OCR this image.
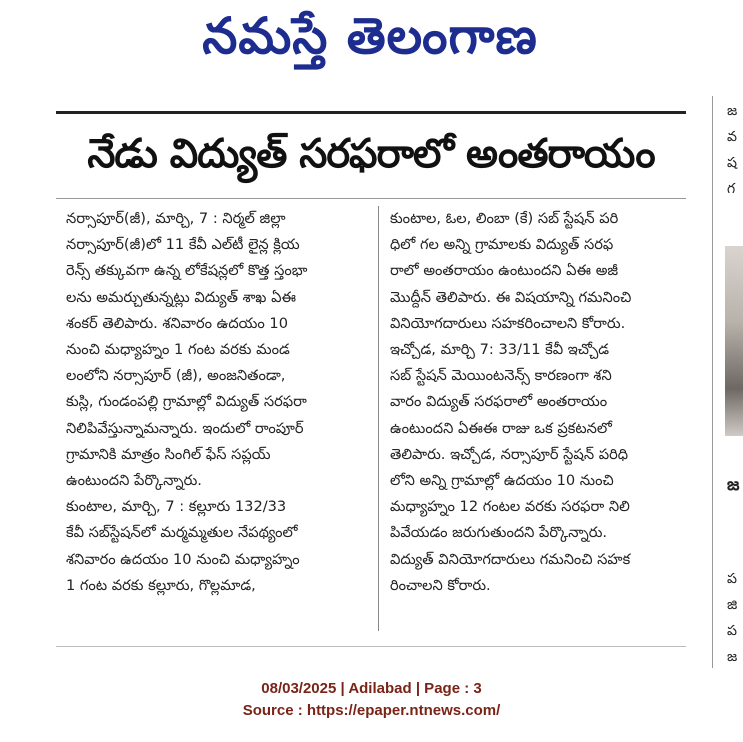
నమస్తే తెలంగాణ
నేడు విద్యుత్ సరఫరాలో అంతరాయం

నర్సాపూర్(జీ), మార్చి, 7 : నిర్మల్ జిల్లా
నర్సాపూర్(జీ)లో 11 కేవీ ఎల్‌టీ లైన్ల క్లియ
రెన్స్ తక్కువగా ఉన్న లోకేషన్లలో కొత్త స్తంభా
లను అమర్చుతున్నట్లు విద్యుత్ శాఖ ఏఈ
శంకర్ తెలిపారు. శనివారం ఉదయం 10
నుంచి మధ్యాహ్నం 1 గంట వరకు మండ
లంలోని నర్సాపూర్ (జీ), అంజనితండా,
కుస్లి, గుండంపల్లి గ్రామాల్లో విద్యుత్ సరఫరా
నిలిపివేస్తున్నామన్నారు. ఇందులో రాంపూర్
గ్రామానికి మాత్రం సింగిల్ ఫేస్ సప్లయ్
ఉంటుందని పేర్కొన్నారు.

కుంటాల, మార్చి, 7 : కల్లూరు 132/33
కేవీ సబ్‌స్టేషన్‌లో మర్మమ్మతుల నేపథ్యంలో
శనివారం ఉదయం 10 నుంచి మధ్యాహ్నం
1 గంట వరకు కల్లూరు, గొల్లమాడ,

కుంటాల, ఓల, లింబా (కే) సబ్ స్టేషన్ పరి
ధిలో గల అన్ని గ్రామాలకు విద్యుత్ సరఫ
రాలో అంతరాయం ఉంటుందని ఏఈ అజీ
మొద్దీన్ తెలిపారు. ఈ విషయాన్ని గమనించి
వినియోగదారులు సహకరించాలని కోరారు.

ఇచ్చోడ, మార్చి 7: 33/11 కేవీ ఇచ్చోడ
సబ్ స్టేషన్ మెయింటనెన్స్ కారణంగా శని
వారం విద్యుత్ సరఫరాలో అంతరాయం
ఉంటుందని ఏఈఈ రాజు ఒక ప్రకటనలో
తెలిపారు. ఇచ్చోడ, నర్సాపూర్ స్టేషన్ పరిధి
లోని అన్ని గ్రామాల్లో ఉదయం 10 నుంచి
మధ్యాహ్నం 12 గంటల వరకు సరఫరా నిలి
పివేయడం జరుగుతుందని పేర్కొన్నారు.
విద్యుత్ వినియోగదారులు గమనించి సహక
రించాలని కోరారు.

జ
వ
ష
గ
జ
ప
జి
ప
జ
08/03/2025 | Adilabad | Page : 3
Source : https://epaper.ntnews.com/
